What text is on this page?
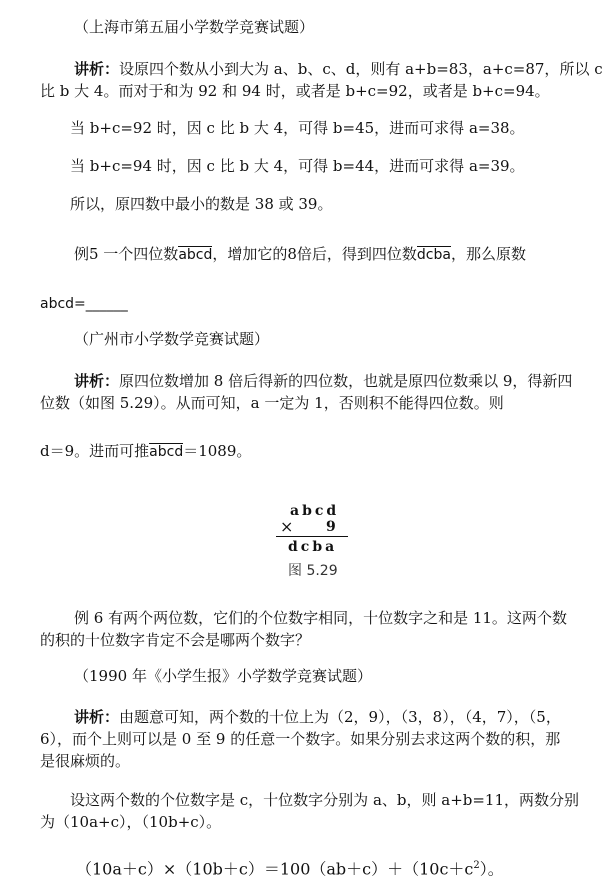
（上海市第五届小学数学竞赛试题）
讲析：设原四个数从小到大为 a、b、c、d，则有 a+b=83，a+c=87，所以 c
比 b 大 4。而对于和为 92 和 94 时，或者是 b+c=92，或者是 b+c=94。
当 b+c=92 时，因 c 比 b 大 4，可得 b=45，进而可求得 a=38。
当 b+c=94 时，因 c 比 b 大 4，可得 b=44，进而可求得 a=39。
所以，原四数中最小的数是 38 或 39。
例5 一个四位数abcd，增加它的8倍后，得到四位数dcba，那么原数
abcd=______
（广州市小学数学竞赛试题）
讲析：原四位数增加 8 倍后得新的四位数，也就是原四位数乘以 9，得新四
位数（如图 5.29）。从而可知，a 一定为 1，否则积不能得四位数。则
d＝9。进而可推abcd＝1089。
abcd
× 9
dcba
图 5.29
例 6 有两个两位数，它们的个位数字相同，十位数字之和是 11。这两个数
的积的十位数字肯定不会是哪两个数字？
（1990 年《小学生报》小学数学竞赛试题）
讲析：由题意可知，两个数的十位上为（2，9），（3，8），（4，7），（5，
6），而个上则可以是 0 至 9 的任意一个数字。如果分别去求这两个数的积，那
是很麻烦的。
设这两个数的个位数字是 c，十位数字分别为 a、b，则 a+b=11，两数分别
为（10a+c），（10b+c）。
$(10a+c)\times(10b+c)=100(ab+c)+(10c+c^2)$。
